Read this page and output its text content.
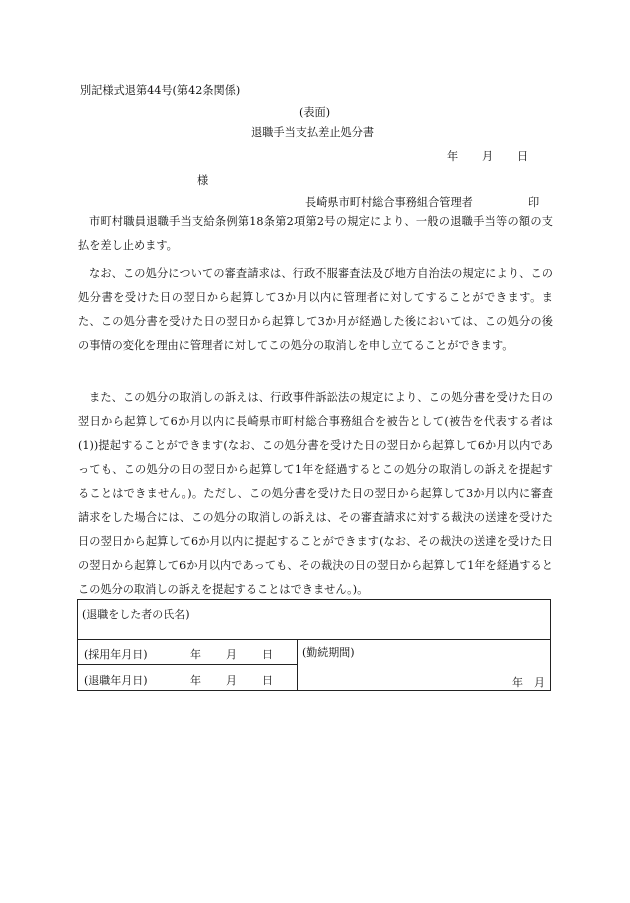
別記様式退第44号(第42条関係)
(表面)
退職手当支払差止処分書
年 月 日
様
長崎県市町村総合事務組合管理者	印
市町村職員退職手当支給条例第18条第2項第2号の規定により、一般の退職手当等の額の支払を差し止めます。
なお、この処分についての審査請求は、行政不服審査法及び地方自治法の規定により、この処分書を受けた日の翌日から起算して3か月以内に管理者に対してすることができます。また、この処分書を受けた日の翌日から起算して3か月が経過した後においては、この処分の後の事情の変化を理由に管理者に対してこの処分の取消しを申し立てることができます。
また、この処分の取消しの訴えは、行政事件訴訟法の規定により、この処分書を受けた日の翌日から起算して6か月以内に長崎県市町村総合事務組合を被告として(被告を代表する者は(1))提起することができます(なお、この処分書を受けた日の翌日から起算して6か月以内であっても、この処分の日の翌日から起算して1年を経過するとこの処分の取消しの訴えを提起することはできません。)。ただし、この処分書を受けた日の翌日から起算して3か月以内に審査請求をした場合には、この処分の取消しの訴えは、その審査請求に対する裁決の送達を受けた日の翌日から起算して6か月以内に提起することができます(なお、その裁決の送達を受けた日の翌日から起算して6か月以内であっても、その裁決の日の翌日から起算して1年を経過するとこの処分の取消しの訴えを提起することはできません。)。
(退職をした者の氏名)
(採用年月日)	年 月 日
(退職年月日)	年 月 日
(勤続期間)
年 月
